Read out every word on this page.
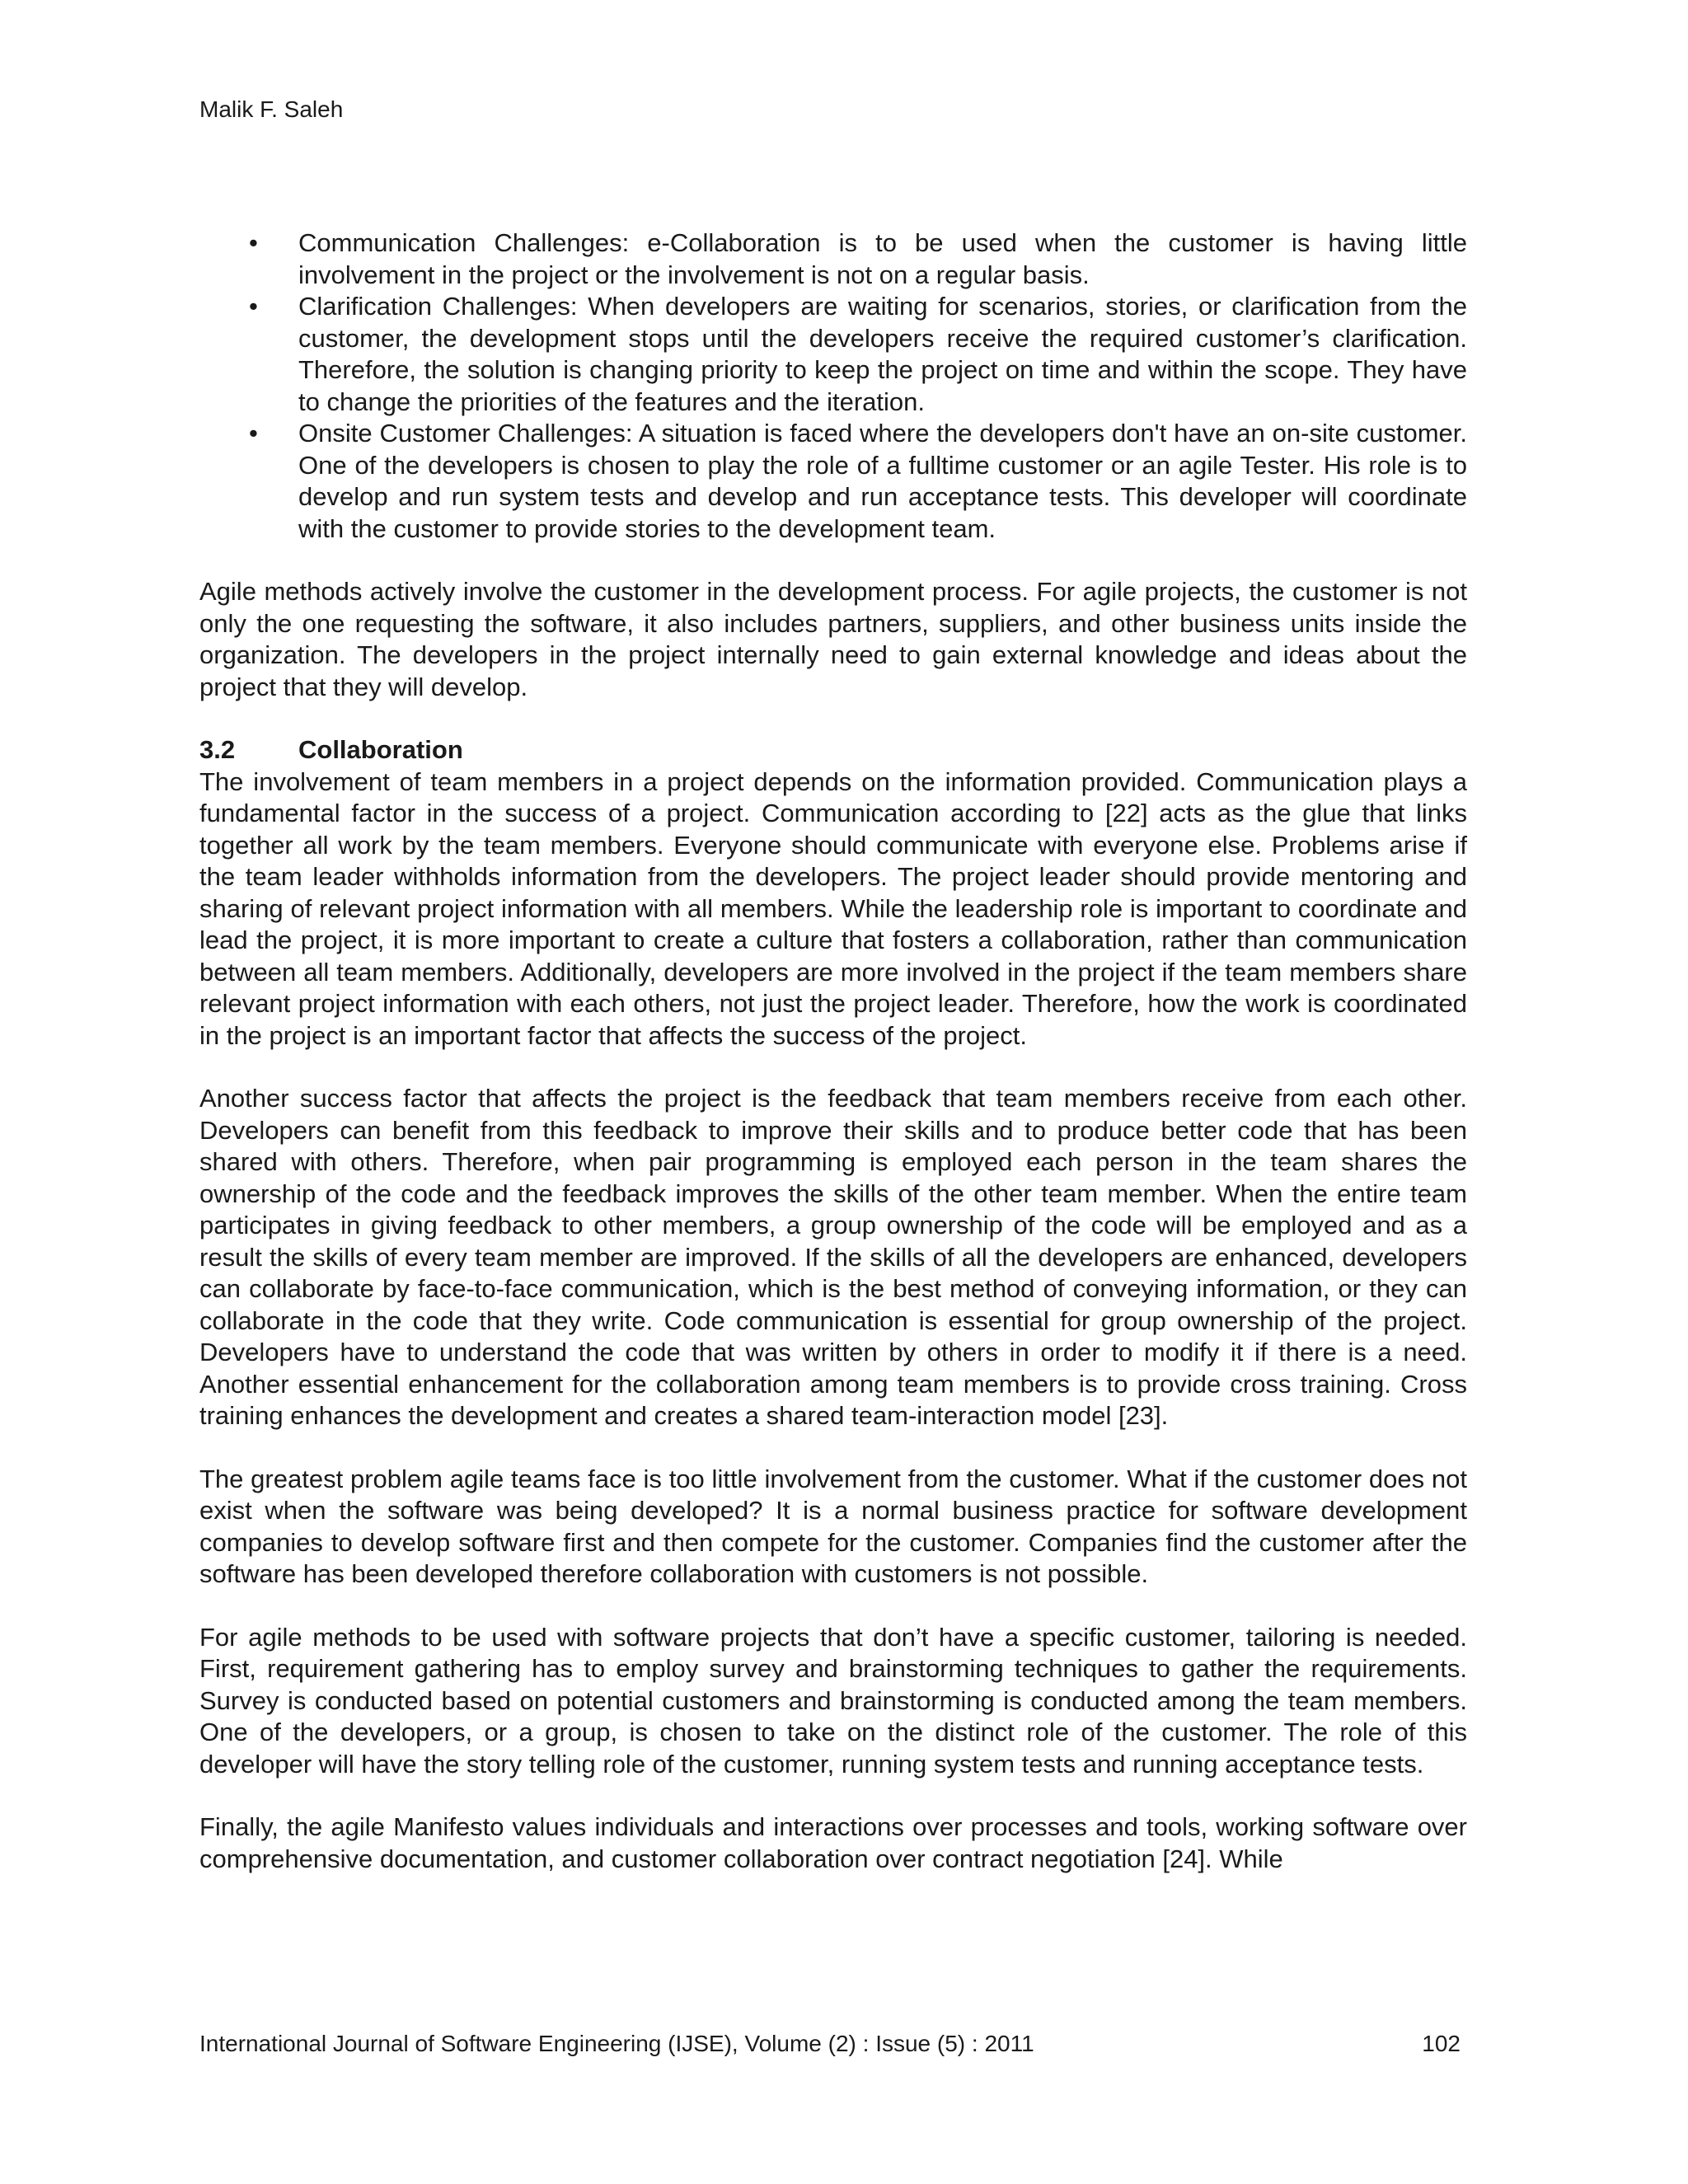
Malik F. Saleh
• Communication Challenges: e-Collaboration is to be used when the customer is having little involvement in the project or the involvement is not on a regular basis.
• Clarification Challenges: When developers are waiting for scenarios, stories, or clarification from the customer, the development stops until the developers receive the required customer’s clarification. Therefore, the solution is changing priority to keep the project on time and within the scope. They have to change the priorities of the features and the iteration.
• Onsite Customer Challenges: A situation is faced where the developers don't have an on-site customer. One of the developers is chosen to play the role of a fulltime customer or an agile Tester. His role is to develop and run system tests and develop and run acceptance tests. This developer will coordinate with the customer to provide stories to the development team.

Agile methods actively involve the customer in the development process. For agile projects, the customer is not only the one requesting the software, it also includes partners, suppliers, and other business units inside the organization. The developers in the project internally need to gain external knowledge and ideas about the project that they will develop.

3.2	Collaboration

The involvement of team members in a project depends on the information provided. Communication plays a fundamental factor in the success of a project. Communication according to [22] acts as the glue that links together all work by the team members. Everyone should communicate with everyone else. Problems arise if the team leader withholds information from the developers. The project leader should provide mentoring and sharing of relevant project information with all members. While the leadership role is important to coordinate and lead the project, it is more important to create a culture that fosters a collaboration, rather than communication between all team members. Additionally, developers are more involved in the project if the team members share relevant project information with each others, not just the project leader. Therefore, how the work is coordinated in the project is an important factor that affects the success of the project.

Another success factor that affects the project is the feedback that team members receive from each other. Developers can benefit from this feedback to improve their skills and to produce better code that has been shared with others. Therefore, when pair programming is employed each person in the team shares the ownership of the code and the feedback improves the skills of the other team member. When the entire team participates in giving feedback to other members, a group ownership of the code will be employed and as a result the skills of every team member are improved. If the skills of all the developers are enhanced, developers can collaborate by face-to-face communication, which is the best method of conveying information, or they can collaborate in the code that they write. Code communication is essential for group ownership of the project. Developers have to understand the code that was written by others in order to modify it if there is a need. Another essential enhancement for the collaboration among team members is to provide cross training. Cross training enhances the development and creates a shared team-interaction model [23].

The greatest problem agile teams face is too little involvement from the customer. What if the customer does not exist when the software was being developed? It is a normal business practice for software development companies to develop software first and then compete for the customer. Companies find the customer after the software has been developed therefore collaboration with customers is not possible.

For agile methods to be used with software projects that don’t have a specific customer, tailoring is needed. First, requirement gathering has to employ survey and brainstorming techniques to gather the requirements. Survey is conducted based on potential customers and brainstorming is conducted among the team members. One of the developers, or a group, is chosen to take on the distinct role of the customer. The role of this developer will have the story telling role of the customer, running system tests and running acceptance tests.

Finally, the agile Manifesto values individuals and interactions over processes and tools, working software over comprehensive documentation, and customer collaboration over contract negotiation [24]. While

International Journal of Software Engineering (IJSE), Volume (2) : Issue (5) : 2011	102
